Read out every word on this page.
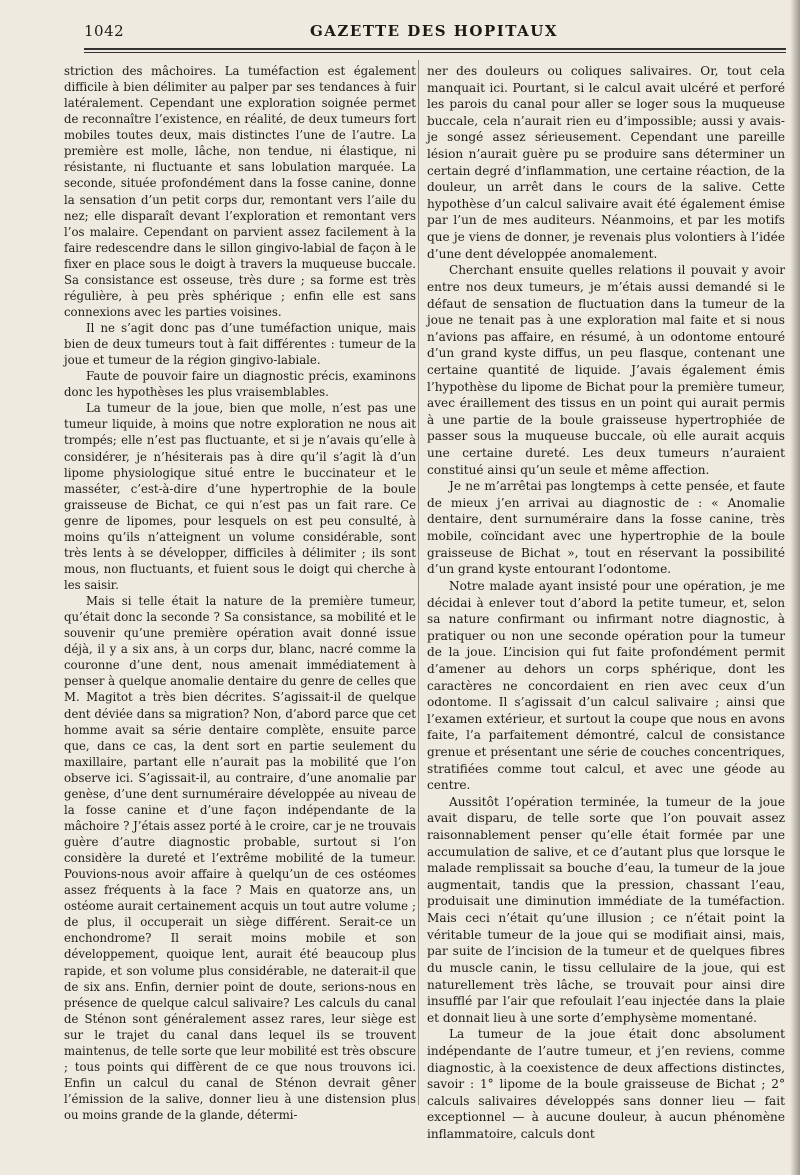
1042	GAZETTE DES HOPITAUX

striction des mâchoires. La tuméfaction est également difficile à bien délimiter au palper par ses tendances à fuir latéralement. Cependant une exploration soignée permet de reconnaître l’existence, en réalité, de deux tumeurs fort mobiles toutes deux, mais distinctes l’une de l’autre. La première est molle, lâche, non tendue, ni élastique, ni résistante, ni fluctuante et sans lobulation marquée. La seconde, située profondément dans la fosse canine, donne la sensation d’un petit corps dur, remontant vers l’aile du nez; elle disparaît devant l’exploration et remontant vers l’os malaire. Cependant on parvient assez facilement à la faire redescendre dans le sillon gingivo-labial de façon à le fixer en place sous le doigt à travers la muqueuse buccale. Sa consistance est osseuse, très dure ; sa forme est très régulière, à peu près sphérique ; enfin elle est sans connexions avec les parties voisines.

Il ne s’agit donc pas d’une tuméfaction unique, mais bien de deux tumeurs tout à fait différentes : tumeur de la joue et tumeur de la région gingivo-labiale.

Faute de pouvoir faire un diagnostic précis, examinons donc les hypothèses les plus vraisemblables.

La tumeur de la joue, bien que molle, n’est pas une tumeur liquide, à moins que notre exploration ne nous ait trompés; elle n’est pas fluctuante, et si je n’avais qu’elle à considérer, je n’hésiterais pas à dire qu’il s’agit là d’un lipome physiologique situé entre le buccinateur et le masséter, c’est-à-dire d’une hypertrophie de la boule graisseuse de Bichat, ce qui n’est pas un fait rare. Ce genre de lipomes, pour lesquels on est peu consulté, à moins qu’ils n’atteignent un volume considérable, sont très lents à se développer, difficiles à délimiter ; ils sont mous, non fluctuants, et fuient sous le doigt qui cherche à les saisir.

Mais si telle était la nature de la première tumeur, qu’était donc la seconde ? Sa consistance, sa mobilité et le souvenir qu’une première opération avait donné issue déjà, il y a six ans, à un corps dur, blanc, nacré comme la couronne d’une dent, nous amenait immédiatement à penser à quelque anomalie dentaire du genre de celles que M. Magitot a très bien décrites. S’agissait-il de quelque dent déviée dans sa migration? Non, d’abord parce que cet homme avait sa série dentaire complète, ensuite parce que, dans ce cas, la dent sort en partie seulement du maxillaire, partant elle n’aurait pas la mobilité que l’on observe ici. S’agissait-il, au contraire, d’une anomalie par genèse, d’une dent surnuméraire développée au niveau de la fosse canine et d’une façon indépendante de la mâchoire ? J’étais assez porté à le croire, car je ne trouvais guère d’autre diagnostic probable, surtout si l’on considère la dureté et l’extrême mobilité de la tumeur. Pouvions-nous avoir affaire à quelqu’un de ces ostéomes assez fréquents à la face ? Mais en quatorze ans, un ostéome aurait certainement acquis un tout autre volume ; de plus, il occuperait un siège différent. Serait-ce un enchondrome? Il serait moins mobile et son développement, quoique lent, aurait été beaucoup plus rapide, et son volume plus considérable, ne daterait-il que de six ans. Enfin, dernier point de doute, serions-nous en présence de quelque calcul salivaire? Les calculs du canal de Sténon sont généralement assez rares, leur siège est sur le trajet du canal dans lequel ils se trouvent maintenus, de telle sorte que leur mobilité est très obscure ; tous points qui diffèrent de ce que nous trouvons ici. Enfin un calcul du canal de Sténon devrait gêner l’émission de la salive, donner lieu à une distension plus ou moins grande de la glande, détermi-

ner des douleurs ou coliques salivaires. Or, tout cela manquait ici. Pourtant, si le calcul avait ulcéré et perforé les parois du canal pour aller se loger sous la muqueuse buccale, cela n’aurait rien eu d’impossible; aussi y avais-je songé assez sérieusement. Cependant une pareille lésion n’aurait guère pu se produire sans déterminer un certain degré d’inflammation, une certaine réaction, de la douleur, un arrêt dans le cours de la salive. Cette hypothèse d’un calcul salivaire avait été également émise par l’un de mes auditeurs. Néanmoins, et par les motifs que je viens de donner, je revenais plus volontiers à l’idée d’une dent développée anomalement.

Cherchant ensuite quelles relations il pouvait y avoir entre nos deux tumeurs, je m’étais aussi demandé si le défaut de sensation de fluctuation dans la tumeur de la joue ne tenait pas à une exploration mal faite et si nous n’avions pas affaire, en résumé, à un odontome entouré d’un grand kyste diffus, un peu flasque, contenant une certaine quantité de liquide. J’avais également émis l’hypothèse du lipome de Bichat pour la première tumeur, avec éraillement des tissus en un point qui aurait permis à une partie de la boule graisseuse hypertrophiée de passer sous la muqueuse buccale, où elle aurait acquis une certaine dureté. Les deux tumeurs n’auraient constitué ainsi qu’un seule et même affection.

Je ne m’arrêtai pas longtemps à cette pensée, et faute de mieux j’en arrivai au diagnostic de : « Anomalie dentaire, dent surnuméraire dans la fosse canine, très mobile, coïncidant avec une hypertrophie de la boule graisseuse de Bichat », tout en réservant la possibilité d’un grand kyste entourant l’odontome.

Notre malade ayant insisté pour une opération, je me décidai à enlever tout d’abord la petite tumeur, et, selon sa nature confirmant ou infirmant notre diagnostic, à pratiquer ou non une seconde opération pour la tumeur de la joue. L’incision qui fut faite profondément permit d’amener au dehors un corps sphérique, dont les caractères ne concordaient en rien avec ceux d’un odontome. Il s’agissait d’un calcul salivaire ; ainsi que l’examen extérieur, et surtout la coupe que nous en avons faite, l’a parfaitement démontré, calcul de consistance grenue et présentant une série de couches concentriques, stratifiées comme tout calcul, et avec une géode au centre.

Aussitôt l’opération terminée, la tumeur de la joue avait disparu, de telle sorte que l’on pouvait assez raisonnablement penser qu’elle était formée par une accumulation de salive, et ce d’autant plus que lorsque le malade remplissait sa bouche d’eau, la tumeur de la joue augmentait, tandis que la pression, chassant l’eau, produisait une diminution immédiate de la tuméfaction. Mais ceci n’était qu’une illusion ; ce n’était point la véritable tumeur de la joue qui se modifiait ainsi, mais, par suite de l’incision de la tumeur et de quelques fibres du muscle canin, le tissu cellulaire de la joue, qui est naturellement très lâche, se trouvait pour ainsi dire insufflé par l’air que refoulait l’eau injectée dans la plaie et donnait lieu à une sorte d’emphysème momentané.

La tumeur de la joue était donc absolument indépendante de l’autre tumeur, et j’en reviens, comme diagnostic, à la coexistence de deux affections distinctes, savoir : 1° lipome de la boule graisseuse de Bichat ; 2° calculs salivaires développés sans donner lieu — fait exceptionnel — à aucune douleur, à aucun phénomène inflammatoire, calculs dont
